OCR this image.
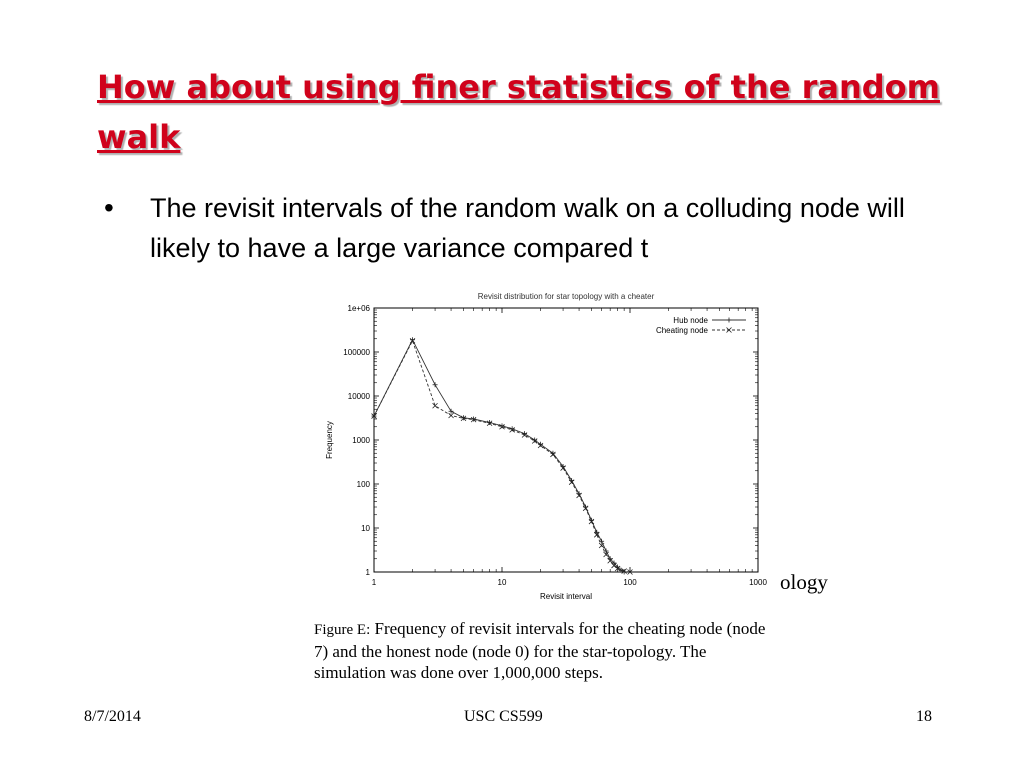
How about using finer statistics of the random walk
• The revisit intervals of the random walk on a colluding node will likely to have a large variance compared t
ology
Revisit distribution for star topology with a cheater
1	10	100	1000
1
10
100
1000
10000
100000
1e+06
Revisit interval
Frequency
Hub node
Cheating node
Figure E: Frequency of revisit intervals for the cheating node (node 7) and the honest node (node 0) for the star-topology. The simulation was done over 1,000,000 steps.
8/7/2014	USC CS599	18
